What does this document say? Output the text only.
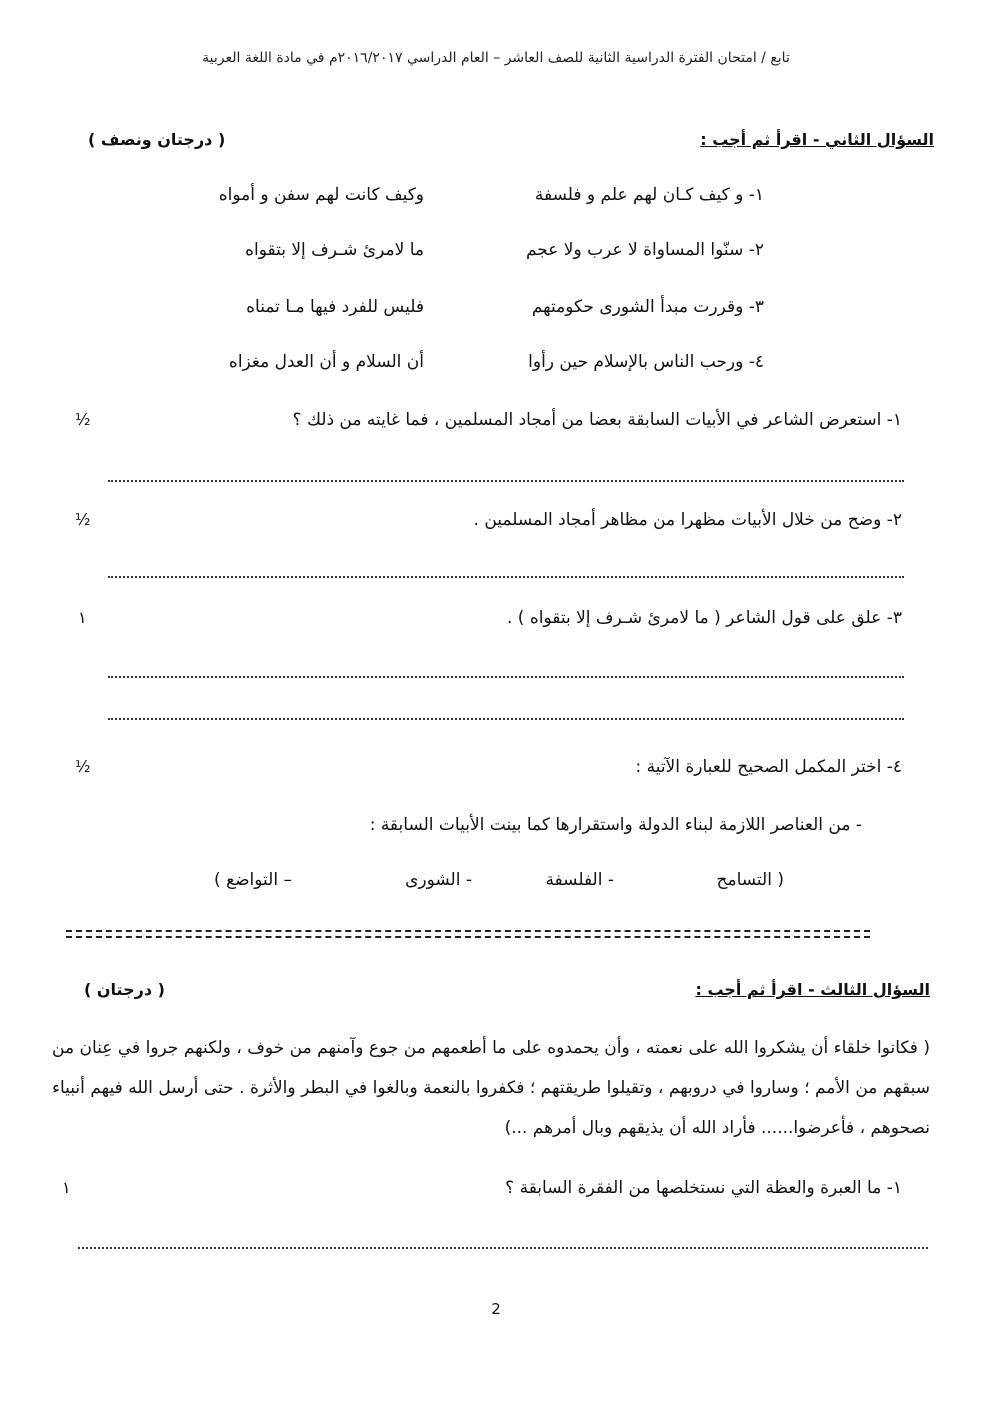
تابع / امتحان الفترة الدراسية الثانية للصف العاشر – العام الدراسي ٢٠١٦/٢٠١٧م في مادة اللغة العربية
السؤال الثاني - اقرأ ثم أجب :
( درجتان ونصف )
١- و كيف كـان لهم علم و فلسفة
وكيف كانت لهم سفن و أمواه
٢- سنّوا المساواة لا عرب ولا عجم
ما لامرئ شـرف إلا بتقواه
٣- وقررت مبدأ الشورى حكومتهم
فليس للفرد فيها مـا تمناه
٤- ورحب الناس بالإسلام حين رأوا
أن السلام و أن العدل مغزاه
١- استعرض الشاعر في الأبيات السابقة بعضا من أمجاد المسلمين ، فما غايته من ذلك ؟
½
٢- وضح من خلال الأبيات مظهرا من مظاهر أمجاد المسلمين .
½
٣- علق على قول الشاعر ( ما لامرئ شـرف إلا بتقواه ) .
١
٤- اختر المكمل الصحيح للعبارة الآتية :
½
- من العناصر اللازمة لبناء الدولة واستقرارها كما بينت الأبيات السابقة :
( التسامح
- الفلسفة
- الشورى
– التواضع )
السؤال الثالث - اقرأ ثم أجب :
( درجتان )
( فكانوا خلقاء أن يشكروا الله على نعمته ، وأن يحمدوه على ما أطعمهم من جوع وآمنهم من خوف ، ولكنهم جروا في عِنان من سبقهم من الأمم ؛ وساروا في دروبهم ، وتقيلوا طريقتهم ؛ فكفروا بالنعمة وبالغوا في البطر والأثرة . حتى أرسل الله فيهم أنبياء نصحوهم ، فأعرضوا...... فأراد الله أن يذيقهم وبال أمرهم ...)
١- ما العبرة والعظة التي نستخلصها من الفقرة السابقة ؟
١
2
